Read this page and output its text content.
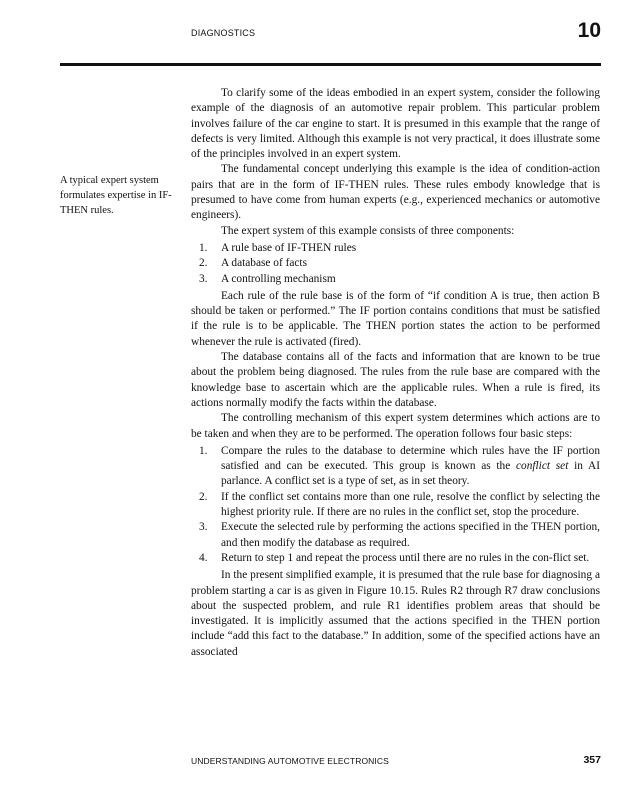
DIAGNOSTICS	10
A typical expert system formulates expertise in IF-THEN rules.

To clarify some of the ideas embodied in an expert system, consider the following example of the diagnosis of an automotive repair problem. This particular problem involves failure of the car engine to start. It is presumed in this example that the range of defects is very limited. Although this example is not very practical, it does illustrate some of the principles involved in an expert system.

The fundamental concept underlying this example is the idea of condition-action pairs that are in the form of IF-THEN rules. These rules embody knowledge that is presumed to have come from human experts (e.g., experienced mechanics or automotive engineers).

The expert system of this example consists of three components:

1. A rule base of IF-THEN rules
2. A database of facts
3. A controlling mechanism

Each rule of the rule base is of the form of “if condition A is true, then action B should be taken or performed.” The IF portion contains conditions that must be satisfied if the rule is to be applicable. The THEN portion states the action to be performed whenever the rule is activated (fired).

The database contains all of the facts and information that are known to be true about the problem being diagnosed. The rules from the rule base are compared with the knowledge base to ascertain which are the applicable rules. When a rule is fired, its actions normally modify the facts within the database.

The controlling mechanism of this expert system determines which actions are to be taken and when they are to be performed. The operation follows four basic steps:

1. Compare the rules to the database to determine which rules have the IF portion satisfied and can be executed. This group is known as the conflict set in AI parlance. A conflict set is a type of set, as in set theory.
2. If the conflict set contains more than one rule, resolve the conflict by selecting the highest priority rule. If there are no rules in the conflict set, stop the procedure.
3. Execute the selected rule by performing the actions specified in the THEN portion, and then modify the database as required.
4. Return to step 1 and repeat the process until there are no rules in the con-flict set.

In the present simplified example, it is presumed that the rule base for diagnosing a problem starting a car is as given in Figure 10.15. Rules R2 through R7 draw conclusions about the suspected problem, and rule R1 identifies problem areas that should be investigated. It is implicitly assumed that the actions specified in the THEN portion include “add this fact to the database.” In addition, some of the specified actions have an associated

UNDERSTANDING AUTOMOTIVE ELECTRONICS	357
